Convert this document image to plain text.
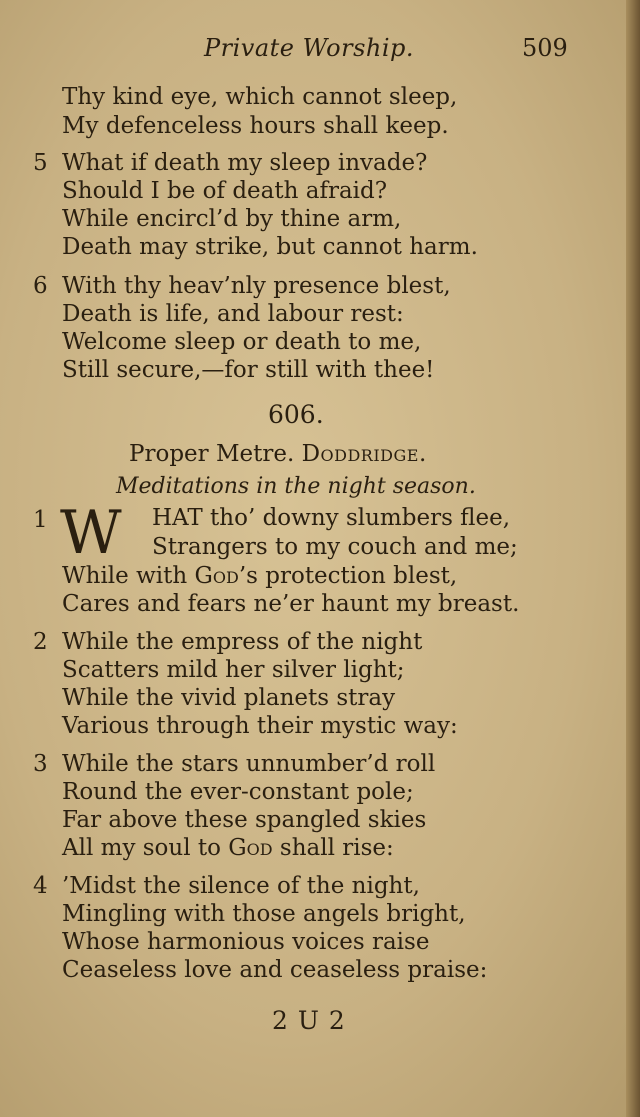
Private Worship.	509
Thy kind eye, which cannot sleep,
My defenceless hours shall keep.
5 What if death my sleep invade?
Should I be of death afraid?
While encircl’d by thine arm,
Death may strike, but cannot harm.
6 With thy heav’nly presence blest,
Death is life, and labour rest:
Welcome sleep or death to me,
Still secure,—for still with thee!
606.
Proper Metre. Doddridge.
Meditations in the night season.
1 W HAT tho’ downy slumbers flee,
Strangers to my couch and me;
While with God’s protection blest,
Cares and fears ne’er haunt my breast.
2 While the empress of the night
Scatters mild her silver light;
While the vivid planets stray
Various through their mystic way:
3 While the stars unnumber’d roll
Round the ever-constant pole;
Far above these spangled skies
All my soul to God shall rise:
4 ’Midst the silence of the night,
Mingling with those angels bright,
Whose harmonious voices raise
Ceaseless love and ceaseless praise:
2 U 2
